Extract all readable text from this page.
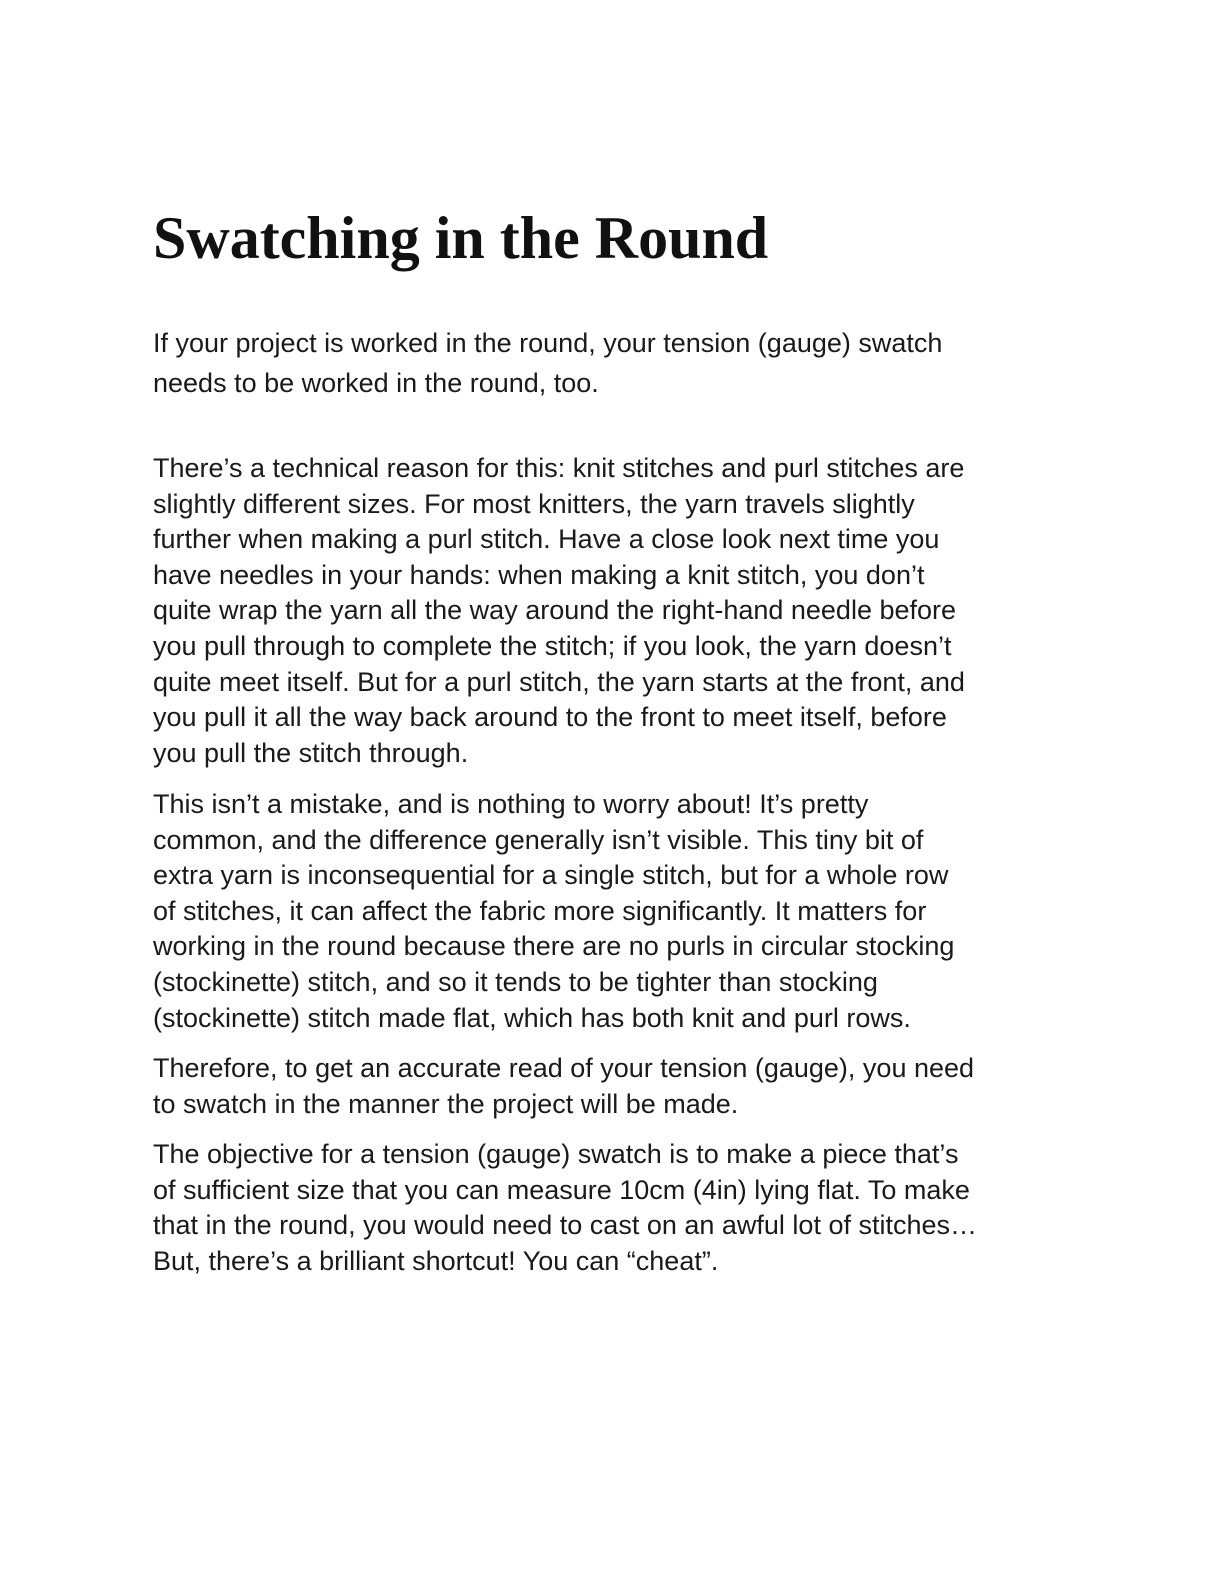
Swatching in the Round

If your project is worked in the round, your tension (gauge) swatch
needs to be worked in the round, too.

There’s a technical reason for this: knit stitches and purl stitches are
slightly different sizes. For most knitters, the yarn travels slightly
further when making a purl stitch. Have a close look next time you
have needles in your hands: when making a knit stitch, you don’t
quite wrap the yarn all the way around the right-hand needle before
you pull through to complete the stitch; if you look, the yarn doesn’t
quite meet itself. But for a purl stitch, the yarn starts at the front, and
you pull it all the way back around to the front to meet itself, before
you pull the stitch through.

This isn’t a mistake, and is nothing to worry about! It’s pretty
common, and the difference generally isn’t visible. This tiny bit of
extra yarn is inconsequential for a single stitch, but for a whole row
of stitches, it can affect the fabric more significantly. It matters for
working in the round because there are no purls in circular stocking
(stockinette) stitch, and so it tends to be tighter than stocking
(stockinette) stitch made flat, which has both knit and purl rows.

Therefore, to get an accurate read of your tension (gauge), you need
to swatch in the manner the project will be made.

The objective for a tension (gauge) swatch is to make a piece that’s
of sufficient size that you can measure 10cm (4in) lying flat. To make
that in the round, you would need to cast on an awful lot of stitches…
But, there’s a brilliant shortcut! You can “cheat”.
